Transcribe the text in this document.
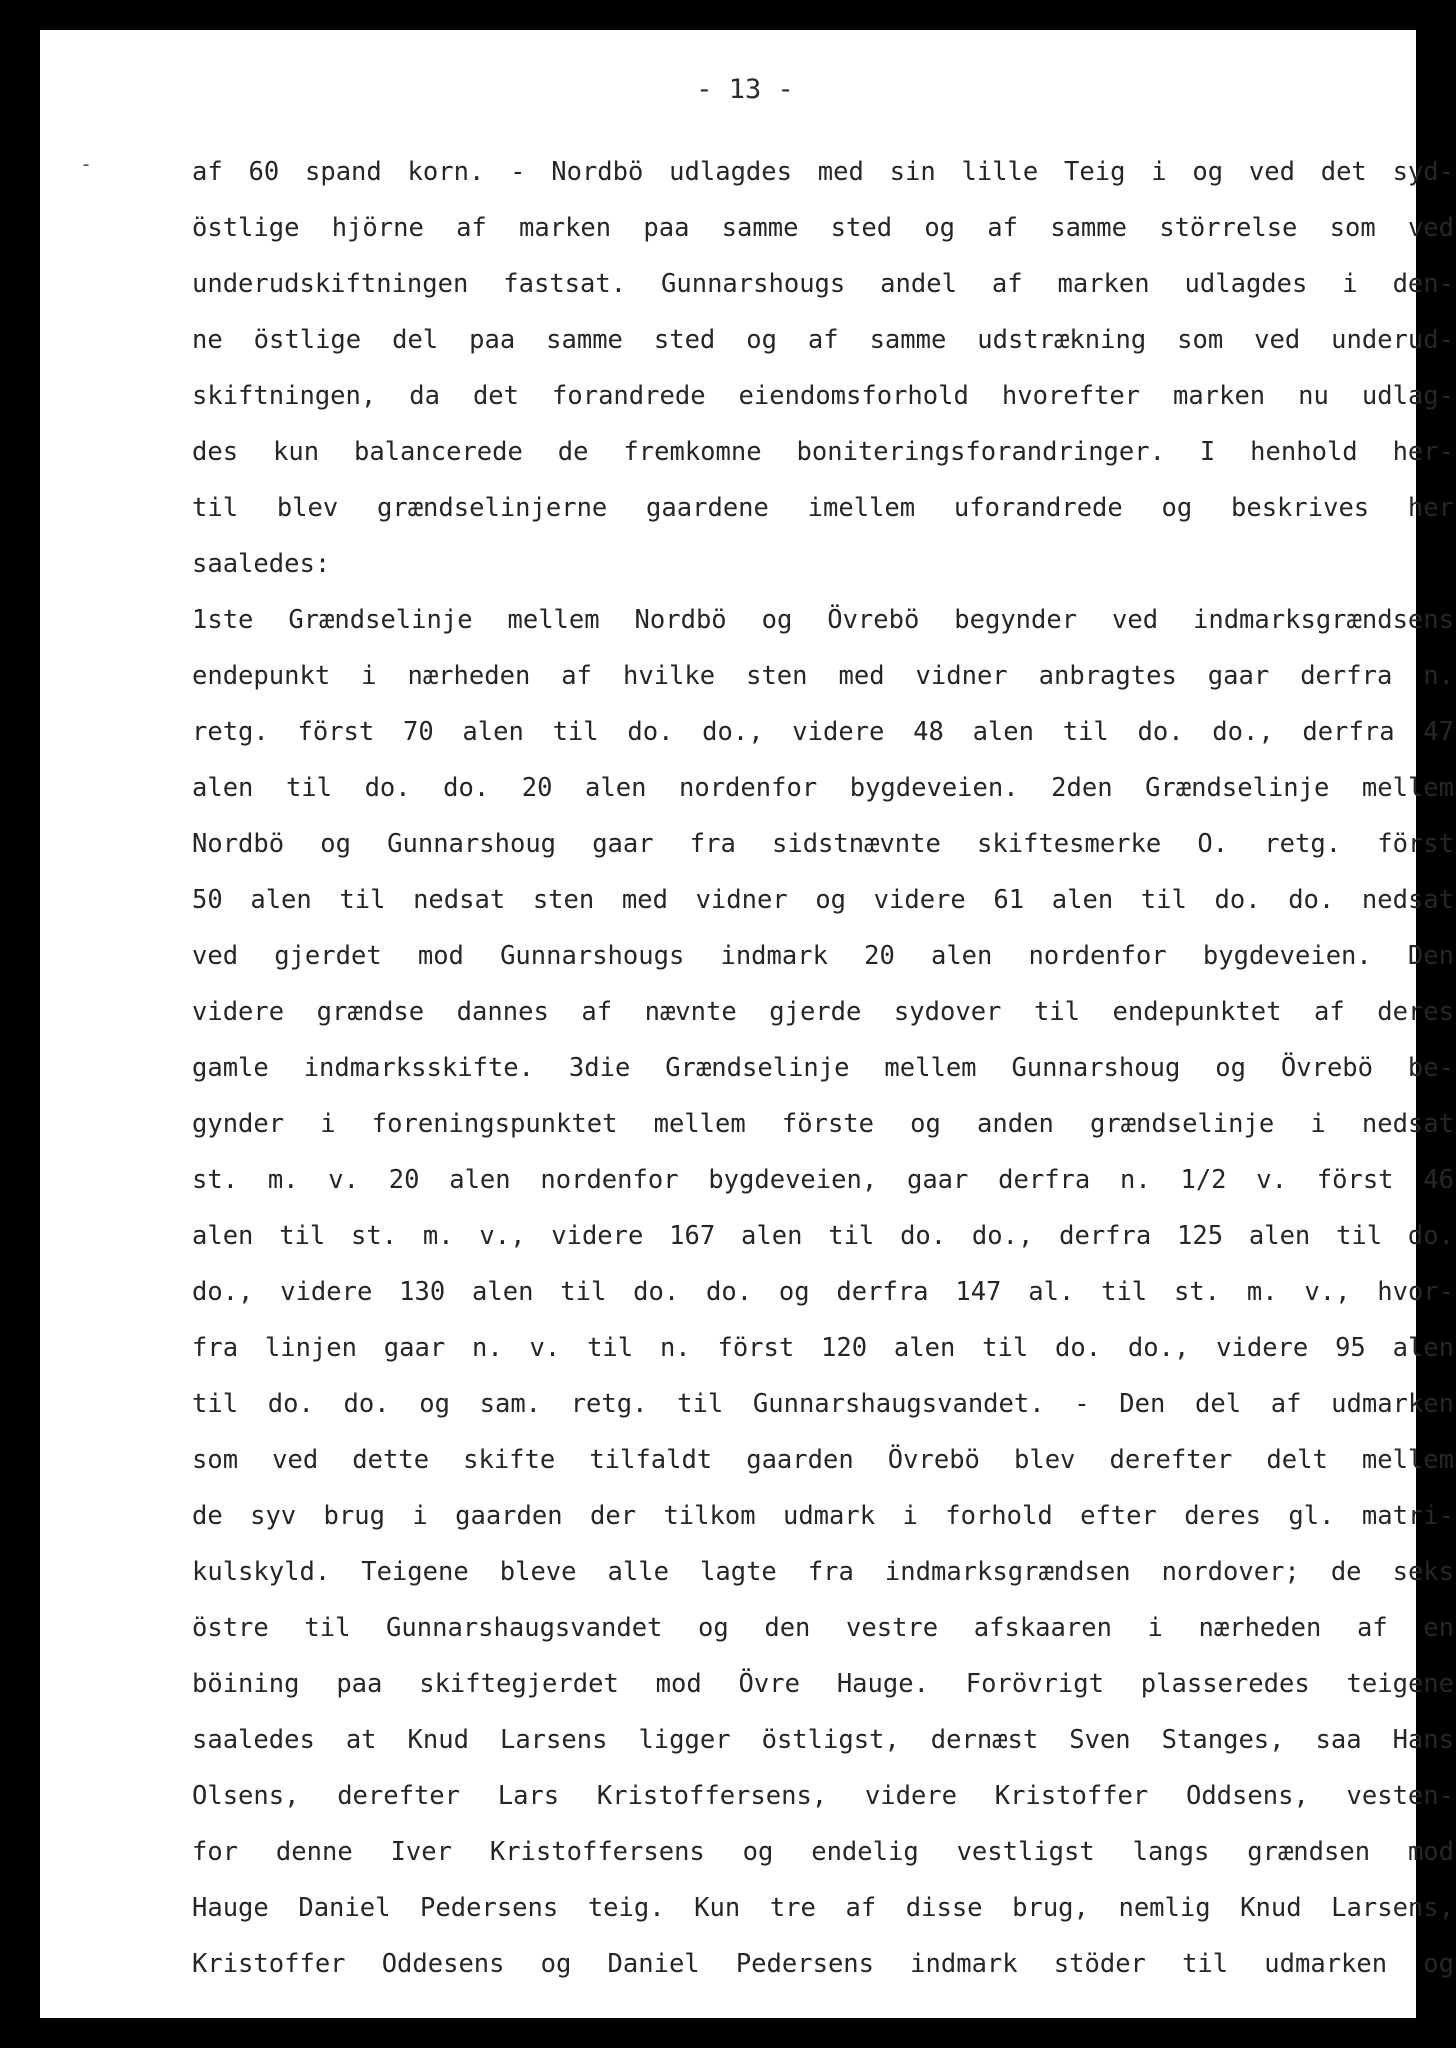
- 13 -

-	af 60 spand korn. - Nordbö udlagdes med sin lille Teig i og ved det syd-
östlige hjörne af marken paa samme sted og af samme störrelse som ved
underudskiftningen fastsat. Gunnarshougs andel af marken udlagdes i den-
ne östlige del paa samme sted og af samme udstrækning som ved underud-
skiftningen, da det forandrede eiendomsforhold hvorefter marken nu udlag-
des kun balancerede de fremkomne boniteringsforandringer. I henhold her-
til blev grændselinjerne gaardene imellem uforandrede og beskrives her
saaledes:
1ste Grændselinje mellem Nordbö og Övrebö begynder ved indmarksgrændsens
endepunkt i nærheden af hvilke sten med vidner anbragtes gaar derfra n.
retg. först 70 alen til do. do., videre 48 alen til do. do., derfra 47
alen til do. do. 20 alen nordenfor bygdeveien. 2den Grændselinje mellem
Nordbö og Gunnarshoug gaar fra sidstnævnte skiftesmerke O. retg. först
50 alen til nedsat sten med vidner og videre 61 alen til do. do. nedsat
ved gjerdet mod Gunnarshougs indmark 20 alen nordenfor bygdeveien. Den
videre grændse dannes af nævnte gjerde sydover til endepunktet af deres
gamle indmarksskifte. 3die Grændselinje mellem Gunnarshoug og Övrebö be-
gynder i foreningspunktet mellem förste og anden grændselinje i nedsat
st. m. v. 20 alen nordenfor bygdeveien, gaar derfra n. 1/2 v. först 46
alen til st. m. v., videre 167 alen til do. do., derfra 125 alen til do.
do., videre 130 alen til do. do. og derfra 147 al. til st. m. v., hvor-
fra linjen gaar n. v. til n. först 120 alen til do. do., videre 95 alen
til do. do. og sam. retg. til Gunnarshaugsvandet. - Den del af udmarken
som ved dette skifte tilfaldt gaarden Övrebö blev derefter delt mellem
de syv brug i gaarden der tilkom udmark i forhold efter deres gl. matri-
kulskyld. Teigene bleve alle lagte fra indmarksgrændsen nordover; de seks
östre til Gunnarshaugsvandet og den vestre afskaaren i nærheden af en
böining paa skiftegjerdet mod Övre Hauge. Forövrigt plasseredes teigene
saaledes at Knud Larsens ligger östligst, dernæst Sven Stanges, saa Hans
Olsens, derefter Lars Kristoffersens, videre Kristoffer Oddsens, vesten-
for denne Iver Kristoffersens og endelig vestligst langs grændsen mod
Hauge Daniel Pedersens teig. Kun tre af disse brug, nemlig Knud Larsens,
Kristoffer Oddesens og Daniel Pedersens indmark stöder til udmarken og
